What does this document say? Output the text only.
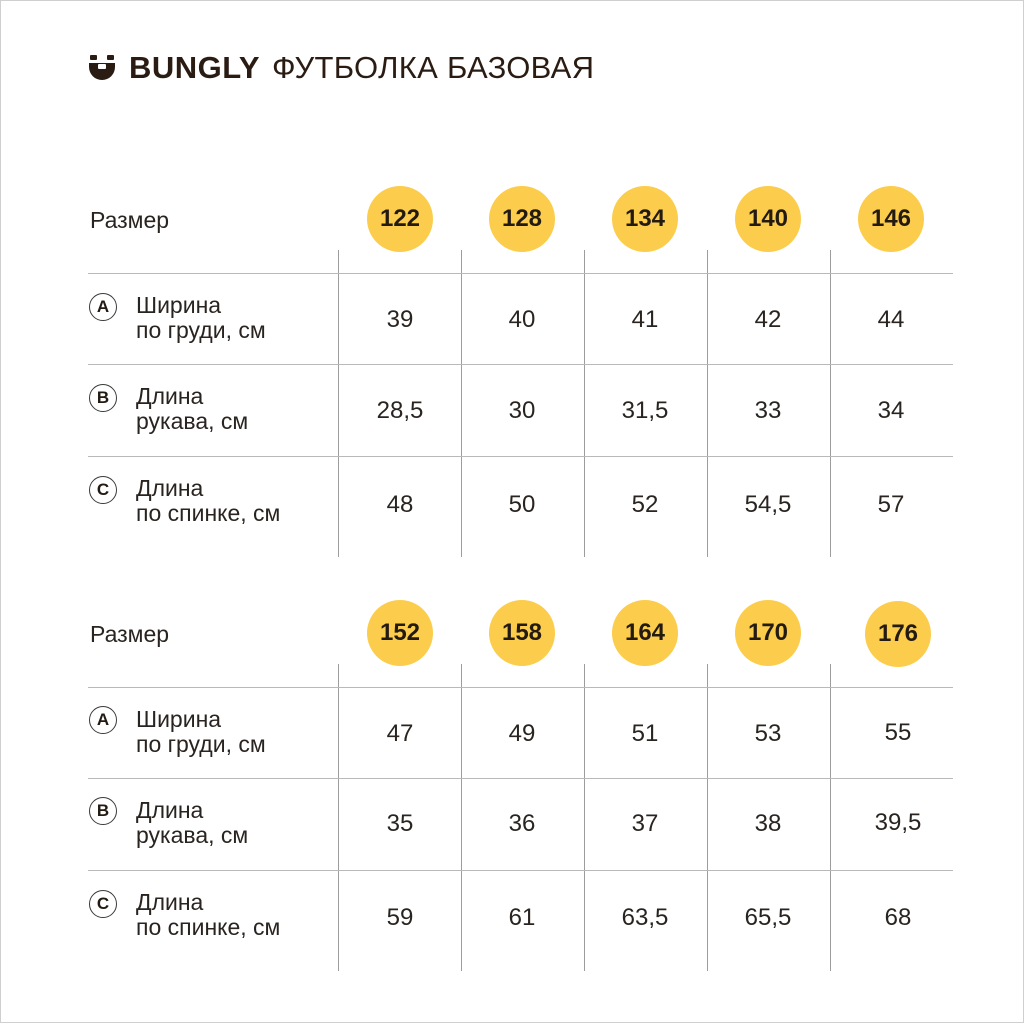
BUNGLY ФУТБОЛКА БАЗОВАЯ
Размер	122	128	134	140	146
A	Ширина
по груди, см	39	40	41	42	44
B	Длина
рукава, см	28,5	30	31,5	33	34
C	Длина
по спинке, см	48	50	52	54,5	57
Размер	152	158	164	170	176
A	Ширина
по груди, см	47	49	51	53	55
B	Длина
рукава, см	35	36	37	38	39,5
C	Длина
по спинке, см	59	61	63,5	65,5	68
